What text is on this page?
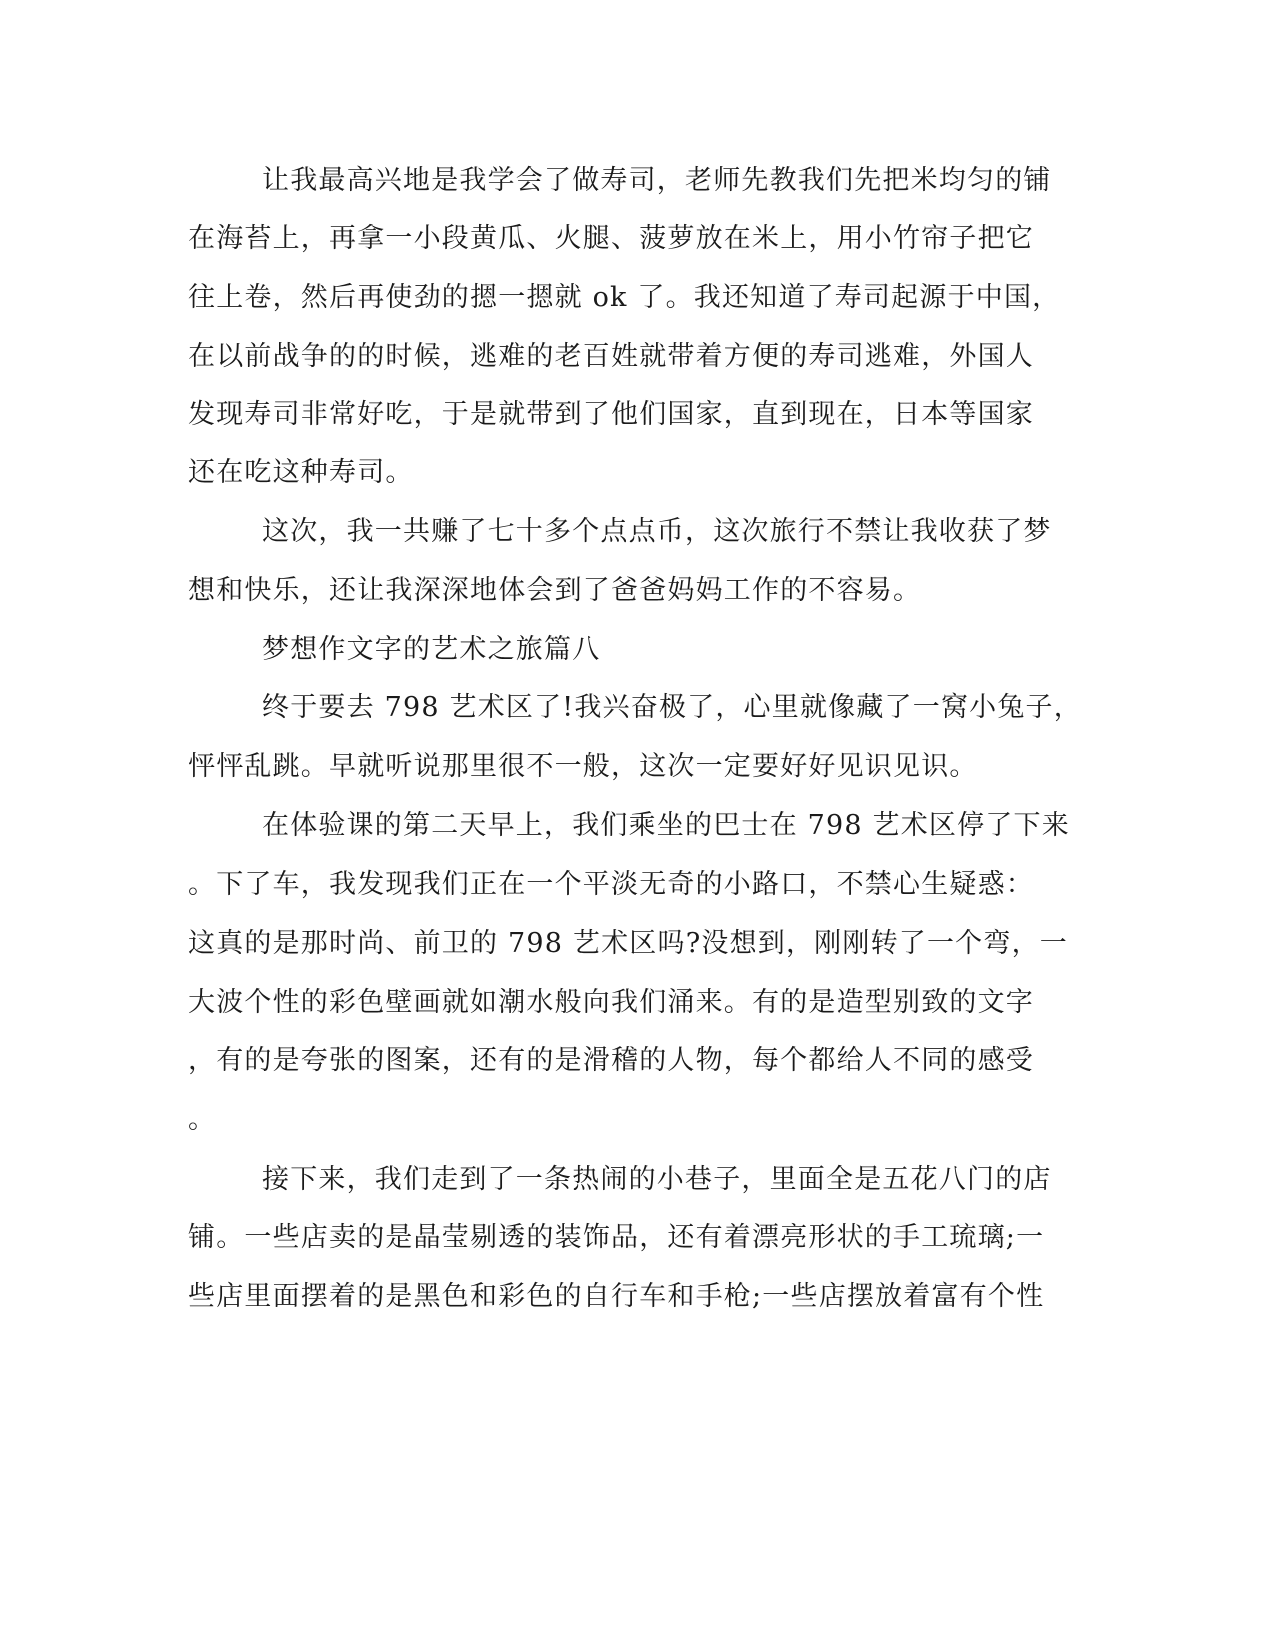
让我最高兴地是我学会了做寿司，老师先教我们先把米均匀的铺
在海苔上，再拿一小段黄瓜、火腿、菠萝放在米上，用小竹帘子把它
往上卷，然后再使劲的摁一摁就 ok 了。我还知道了寿司起源于中国，
在以前战争的的时候，逃难的老百姓就带着方便的寿司逃难，外国人
发现寿司非常好吃，于是就带到了他们国家，直到现在，日本等国家
还在吃这种寿司。
这次，我一共赚了七十多个点点币，这次旅行不禁让我收获了梦
想和快乐，还让我深深地体会到了爸爸妈妈工作的不容易。
梦想作文字的艺术之旅篇八
终于要去 798 艺术区了!我兴奋极了，心里就像藏了一窝小兔子，
怦怦乱跳。早就听说那里很不一般，这次一定要好好见识见识。
在体验课的第二天早上，我们乘坐的巴士在 798 艺术区停了下来
。下了车，我发现我们正在一个平淡无奇的小路口，不禁心生疑惑：
这真的是那时尚、前卫的 798 艺术区吗?没想到，刚刚转了一个弯，一
大波个性的彩色壁画就如潮水般向我们涌来。有的是造型别致的文字
，有的是夸张的图案，还有的是滑稽的人物，每个都给人不同的感受
。
接下来，我们走到了一条热闹的小巷子，里面全是五花八门的店
铺。一些店卖的是晶莹剔透的装饰品，还有着漂亮形状的手工琉璃;一
些店里面摆着的是黑色和彩色的自行车和手枪;一些店摆放着富有个性
